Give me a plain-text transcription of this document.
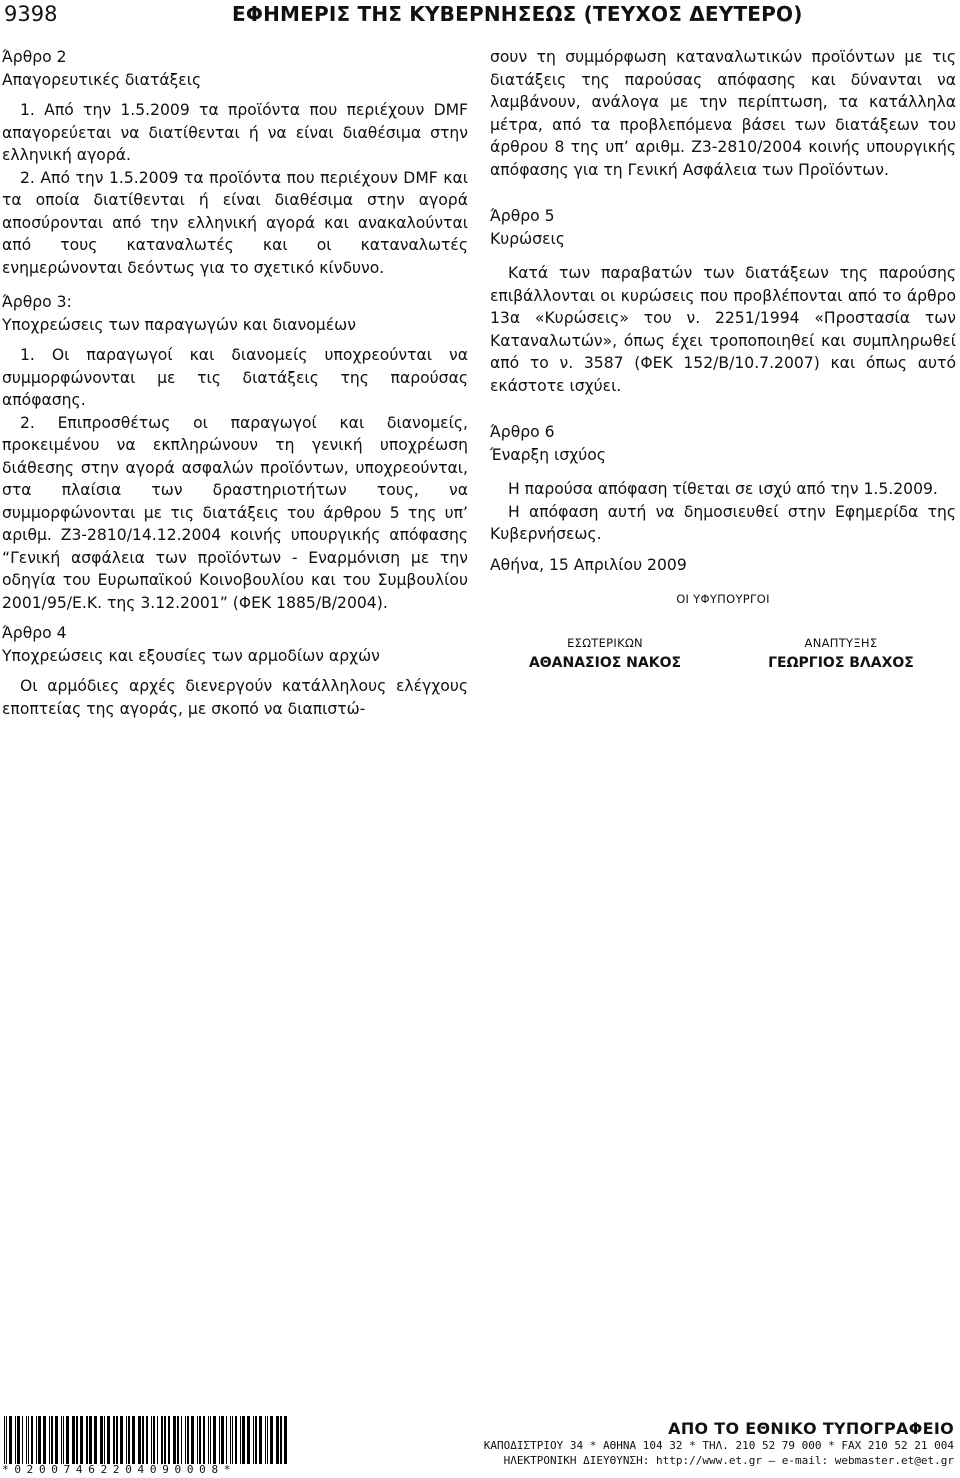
9398	ΕΦΗΜΕΡΙΣ ΤΗΣ ΚΥΒΕΡΝΗΣΕΩΣ (ΤΕΥΧΟΣ ΔΕΥΤΕΡΟ)

Άρθρο 2

Απαγορευτικές διατάξεις

1. Από την 1.5.2009 τα προϊόντα που περιέχουν DMF απαγορεύεται να διατίθενται ή να είναι διαθέσιμα στην ελληνική αγορά.

2. Από την 1.5.2009 τα προϊόντα που περιέχουν DMF και τα οποία διατίθενται ή είναι διαθέσιμα στην αγορά αποσύρονται από την ελληνική αγορά και ανακαλούνται από τους καταναλωτές και οι καταναλωτές ενημερώνονται δεόντως για το σχετικό κίνδυνο.

Άρθρο 3:

Υποχρεώσεις των παραγωγών και διανομέων

1. Οι παραγωγοί και διανομείς υποχρεούνται να συμμορφώνονται με τις διατάξεις της παρούσας απόφασης.

2. Επιπροσθέτως οι παραγωγοί και διανομείς, προκειμένου να εκπληρώνουν τη γενική υποχρέωση διάθεσης στην αγορά ασφαλών προϊόντων, υποχρεούνται, στα πλαίσια των δραστηριοτήτων τους, να συμμορφώνονται με τις διατάξεις του άρθρου 5 της υπ’ αριθμ. Ζ3-2810/14.12.2004 κοινής υπουργικής απόφασης “Γενική ασφάλεια των προϊόντων - Εναρμόνιση με την οδηγία του Ευρωπαϊκού Κοινοβουλίου και του Συμβουλίου 2001/95/Ε.Κ. της 3.12.2001” (ΦΕΚ 1885/Β/2004).

Άρθρο 4

Υποχρεώσεις και εξουσίες των αρμοδίων αρχών

Οι αρμόδιες αρχές διενεργούν κατάλληλους ελέγχους εποπτείας της αγοράς, με σκοπό να διαπιστώ-

σουν τη συμμόρφωση καταναλωτικών προϊόντων με τις διατάξεις της παρούσας απόφασης και δύνανται να λαμβάνουν, ανάλογα με την περίπτωση, τα κατάλληλα μέτρα, από τα προβλεπόμενα βάσει των διατάξεων του άρθρου 8 της υπ’ αριθμ. Ζ3-2810/2004 κοινής υπουργικής απόφασης για τη Γενική Ασφάλεια των Προϊόντων.

Άρθρο 5

Κυρώσεις

Κατά των παραβατών των διατάξεων της παρούσης επιβάλλονται οι κυρώσεις που προβλέπονται από το άρθρο 13α «Κυρώσεις» του ν. 2251/1994 «Προστασία των Καταναλωτών», όπως έχει τροποποιηθεί και συμπληρωθεί από το ν. 3587 (ΦΕΚ 152/Β/10.7.2007) και όπως αυτό εκάστοτε ισχύει.

Άρθρο 6

Έναρξη ισχύος

Η παρούσα απόφαση τίθεται σε ισχύ από την 1.5.2009.

Η απόφαση αυτή να δημοσιευθεί στην Εφημερίδα της Κυβερνήσεως.

Αθήνα, 15 Απριλίου 2009

ΟΙ ΥΦΥΠΟΥΡΓΟΙ
ΕΣΩΤΕΡΙΚΩΝ
ΑΘΑΝΑΣΙΟΣ ΝΑΚΟΣ
ΑΝΑΠΤΥΞΗΣ
ΓΕΩΡΓΙΟΣ ΒΛΑΧΟΣ
*02007462204090008*
ΑΠΟ ΤΟ ΕΘΝΙΚΟ ΤΥΠΟΓΡΑΦΕΙΟ
ΚΑΠΟΔΙΣΤΡΙΟΥ 34 * ΑΘΗΝΑ 104 32 * ΤΗΛ. 210 52 79 000 * FAX 210 52 21 004
ΗΛΕΚΤΡΟΝΙΚΗ ΔΙΕΥΘΥΝΣΗ: http://www.et.gr — e-mail: webmaster.et@et.gr
